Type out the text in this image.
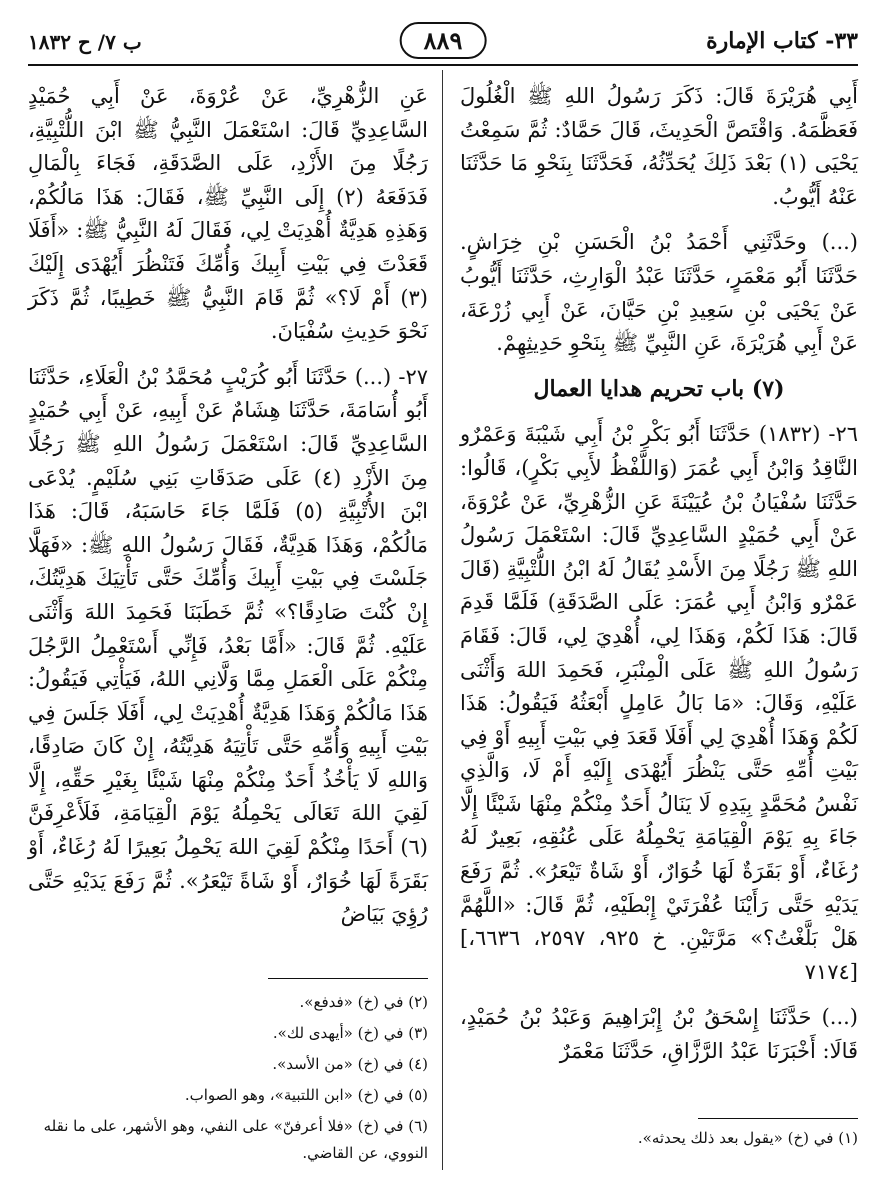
٣٣- كتاب الإمارة
٨٨٩
ب ٧/ ح ١٨٣٢

أَبِي هُرَيْرَةَ قَالَ: ذَكَرَ رَسُولُ اللهِ ﷺ الْغُلُولَ فَعَظَّمَهُ. وَاقْتَصَّ الْحَدِيثَ، قَالَ حَمَّادٌ: ثُمَّ سَمِعْتُ يَحْيَى (١) بَعْدَ ذَلِكَ يُحَدِّثُهُ، فَحَدَّثَنَا بِنَحْوِ مَا حَدَّثَنَا عَنْهُ أَيُّوبُ.

(...) وحَدَّثَنِي أَحْمَدُ بْنُ الْحَسَنِ بْنِ خِرَاشٍ. حَدَّثَنَا أَبُو مَعْمَرٍ، حَدَّثَنَا عَبْدُ الْوَارِثِ، حَدَّثَنَا أَيُّوبُ عَنْ يَحْيَى بْنِ سَعِيدِ بْنِ حَيَّانَ، عَنْ أَبِي زُرْعَةَ، عَنْ أَبِي هُرَيْرَةَ، عَنِ النَّبِيِّ ﷺ بِنَحْوِ حَدِيثِهِمْ.

(٧) باب تحريم هدايا العمال

٢٦- (١٨٣٢) حَدَّثَنَا أَبُو بَكْرِ بْنُ أَبِي شَيْبَةَ وَعَمْرٌو النَّاقِدُ وَابْنُ أَبِي عُمَرَ (وَاللَّفْظُ لأَبِي بَكْرٍ)، قَالُوا: حَدَّثَنَا سُفْيَانُ بْنُ عُيَيْنَةَ عَنِ الزُّهْرِيِّ، عَنْ عُرْوَةَ، عَنْ أَبِي حُمَيْدٍ السَّاعِدِيِّ قَالَ: اسْتَعْمَلَ رَسُولُ اللهِ ﷺ رَجُلًا مِنَ الأَسْدِ يُقَالُ لَهُ ابْنُ اللُّتْبِيَّةِ (قَالَ عَمْرٌو وَابْنُ أَبِي عُمَرَ: عَلَى الصَّدَقَةِ) فَلَمَّا قَدِمَ قَالَ: هَذَا لَكُمْ، وَهَذَا لِي، أُهْدِيَ لِي، قَالَ: فَقَامَ رَسُولُ اللهِ ﷺ عَلَى الْمِنْبَرِ، فَحَمِدَ اللهَ وَأَثْنَى عَلَيْهِ، وَقَالَ: «مَا بَالُ عَامِلٍ أَبْعَثُهُ فَيَقُولُ: هَذَا لَكُمْ وَهَذَا أُهْدِيَ لِي أَفَلَا قَعَدَ فِي بَيْتِ أَبِيهِ أَوْ فِي بَيْتِ أُمِّهِ حَتَّى يَنْظُرَ أَيُهْدَى إِلَيْهِ أَمْ لَا، وَالَّذِي نَفْسُ مُحَمَّدٍ بِيَدِهِ لَا يَنَالُ أَحَدٌ مِنْكُمْ مِنْهَا شَيْئًا إِلَّا جَاءَ بِهِ يَوْمَ الْقِيَامَةِ يَحْمِلُهُ عَلَى عُنُقِهِ، بَعِيرٌ لَهُ رُغَاءٌ، أَوْ بَقَرَةٌ لَهَا خُوَارٌ، أَوْ شَاةٌ تَيْعَرُ». ثُمَّ رَفَعَ يَدَيْهِ حَتَّى رَأَيْنَا عُفْرَتَيْ إِبْطَيْهِ، ثُمَّ قَالَ: «اللَّهُمَّ هَلْ بَلَّغْتُ؟» مَرَّتَيْنِ. [خ ٩٢٥، ٢٥٩٧، ٦٦٣٦، ٧١٧٤]

(...) حَدَّثَنَا إِسْحَقُ بْنُ إِبْرَاهِيمَ وَعَبْدُ بْنُ حُمَيْدٍ، قَالَا: أَخْبَرَنَا عَبْدُ الرَّزَّاقِ، حَدَّثَنَا مَعْمَرٌ

عَنِ الزُّهْرِيِّ، عَنْ عُرْوَةَ، عَنْ أَبِي حُمَيْدٍ السَّاعِدِيِّ قَالَ: اسْتَعْمَلَ النَّبِيُّ ﷺ ابْنَ اللُّتْبِيَّةِ، رَجُلًا مِنَ الأَزْدِ، عَلَى الصَّدَقَةِ، فَجَاءَ بِالْمَالِ فَدَفَعَهُ (٢) إِلَى النَّبِيِّ ﷺ، فَقَالَ: هَذَا مَالُكُمْ، وَهَذِهِ هَدِيَّةٌ أُهْدِيَتْ لِي، فَقَالَ لَهُ النَّبِيُّ ﷺ: «أَفَلَا قَعَدْتَ فِي بَيْتِ أَبِيكَ وَأُمِّكَ فَتَنْظُرَ أَيُهْدَى إِلَيْكَ (٣) أَمْ لَا؟» ثُمَّ قَامَ النَّبِيُّ ﷺ خَطِيبًا، ثُمَّ ذَكَرَ نَحْوَ حَدِيثِ سُفْيَانَ.

٢٧- (...) حَدَّثَنَا أَبُو كُرَيْبٍ مُحَمَّدُ بْنُ الْعَلَاءِ، حَدَّثَنَا أَبُو أُسَامَةَ، حَدَّثَنَا هِشَامٌ عَنْ أَبِيهِ، عَنْ أَبِي حُمَيْدٍ السَّاعِدِيِّ قَالَ: اسْتَعْمَلَ رَسُولُ اللهِ ﷺ رَجُلًا مِنَ الأَزْدِ (٤) عَلَى صَدَقَاتِ بَنِي سُلَيْمٍ. يُدْعَى ابْنَ الأُتْبِيَّةِ (٥) فَلَمَّا جَاءَ حَاسَبَهُ، قَالَ: هَذَا مَالُكُمْ، وَهَذَا هَدِيَّةٌ، فَقَالَ رَسُولُ اللهِ ﷺ: «فَهَلَّا جَلَسْتَ فِي بَيْتِ أَبِيكَ وَأُمِّكَ حَتَّى تَأْتِيَكَ هَدِيَّتُكَ، إِنْ كُنْتَ صَادِقًا؟» ثُمَّ خَطَبَنَا فَحَمِدَ اللهَ وَأَثْنَى عَلَيْهِ. ثُمَّ قَالَ: «أَمَّا بَعْدُ، فَإِنِّي أَسْتَعْمِلُ الرَّجُلَ مِنْكُمْ عَلَى الْعَمَلِ مِمَّا وَلَّانِي اللهُ، فَيَأْتِي فَيَقُولُ: هَذَا مَالُكُمْ وَهَذَا هَدِيَّةٌ أُهْدِيَتْ لِي، أَفَلَا جَلَسَ فِي بَيْتِ أَبِيهِ وَأُمِّهِ حَتَّى تَأْتِيَهُ هَدِيَّتُهُ، إِنْ كَانَ صَادِقًا، وَاللهِ لَا يَأْخُذُ أَحَدٌ مِنْكُمْ مِنْهَا شَيْئًا بِغَيْرِ حَقِّهِ، إِلَّا لَقِيَ اللهَ تَعَالَى يَحْمِلُهُ يَوْمَ الْقِيَامَةِ، فَلَأَعْرِفَنَّ (٦) أَحَدًا مِنْكُمْ لَقِيَ اللهَ يَحْمِلُ بَعِيرًا لَهُ رُغَاءٌ، أَوْ بَقَرَةً لَهَا خُوَارٌ، أَوْ شَاةً تَيْعَرُ». ثُمَّ رَفَعَ يَدَيْهِ حَتَّى رُؤِيَ بَيَاضُ

(٢) في (خ) «فدفع».
(٣) في (خ) «أيهدى لك».
(٤) في (خ) «من الأسد».
(٥) في (خ) «ابن اللتبية»، وهو الصواب.
(٦) في (خ) «فلا أعرفنّ» على النفي، وهو الأشهر، على ما نقله النووي، عن القاضي.
(١) في (خ) «يقول بعد ذلك يحدثه».
